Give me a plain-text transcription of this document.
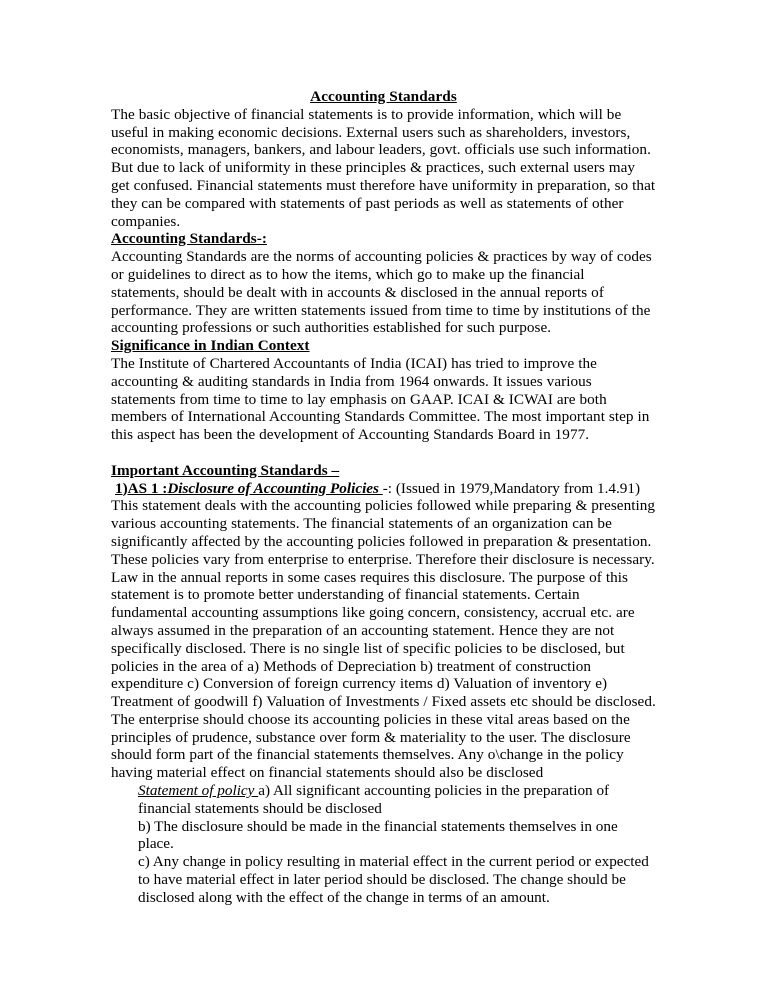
Accounting Standards

The basic objective of financial statements is to provide information, which will be useful in making economic decisions. External users such as shareholders, investors, economists, managers, bankers, and labour leaders, govt. officials use such information. But due to lack of uniformity in these principles & practices, such external users may get confused. Financial statements must therefore have uniformity in preparation, so that they can be compared with statements of past periods as well as statements of other companies.

Accounting Standards-:

Accounting Standards are the norms of accounting policies & practices by way of codes or guidelines to direct as to how the items, which go to make up the financial statements, should be dealt with in accounts & disclosed in the annual reports of performance. They are written statements issued from time to time by institutions of the accounting professions or such authorities established for such purpose.

Significance in Indian Context

The Institute of Chartered Accountants of India (ICAI) has tried to improve the accounting & auditing standards in India from 1964 onwards. It issues various statements from time to time to lay emphasis on GAAP. ICAI & ICWAI are both members of International Accounting Standards Committee. The most important step in this aspect has been the development of Accounting Standards Board in 1977.

Important Accounting Standards –

1)AS 1 :Disclosure of Accounting Policies -: (Issued in 1979,Mandatory from 1.4.91)

This statement deals with the accounting policies followed while preparing & presenting various accounting statements. The financial statements of an organization can be significantly affected by the accounting policies followed in preparation & presentation. These policies vary from enterprise to enterprise. Therefore their disclosure is necessary. Law in the annual reports in some cases requires this disclosure. The purpose of this statement is to promote better understanding of financial statements. Certain fundamental accounting assumptions like going concern, consistency, accrual etc. are always assumed in the preparation of an accounting statement. Hence they are not specifically disclosed. There is no single list of specific policies to be disclosed, but policies in the area of a) Methods of Depreciation b) treatment of construction expenditure c) Conversion of foreign currency items d) Valuation of inventory e) Treatment of goodwill f) Valuation of Investments / Fixed assets etc should be disclosed. The enterprise should choose its accounting policies in these vital areas based on the principles of prudence, substance over form & materiality to the user. The disclosure should form part of the financial statements themselves. Any o\change in the policy having material effect on financial statements should also be disclosed

Statement of policy a) All significant accounting policies in the preparation of financial statements should be disclosed

b) The disclosure should be made in the financial statements themselves in one place.

c) Any change in policy resulting in material effect in the current period or expected to have material effect in later period should be disclosed. The change should be disclosed along with the effect of the change in terms of an amount.
